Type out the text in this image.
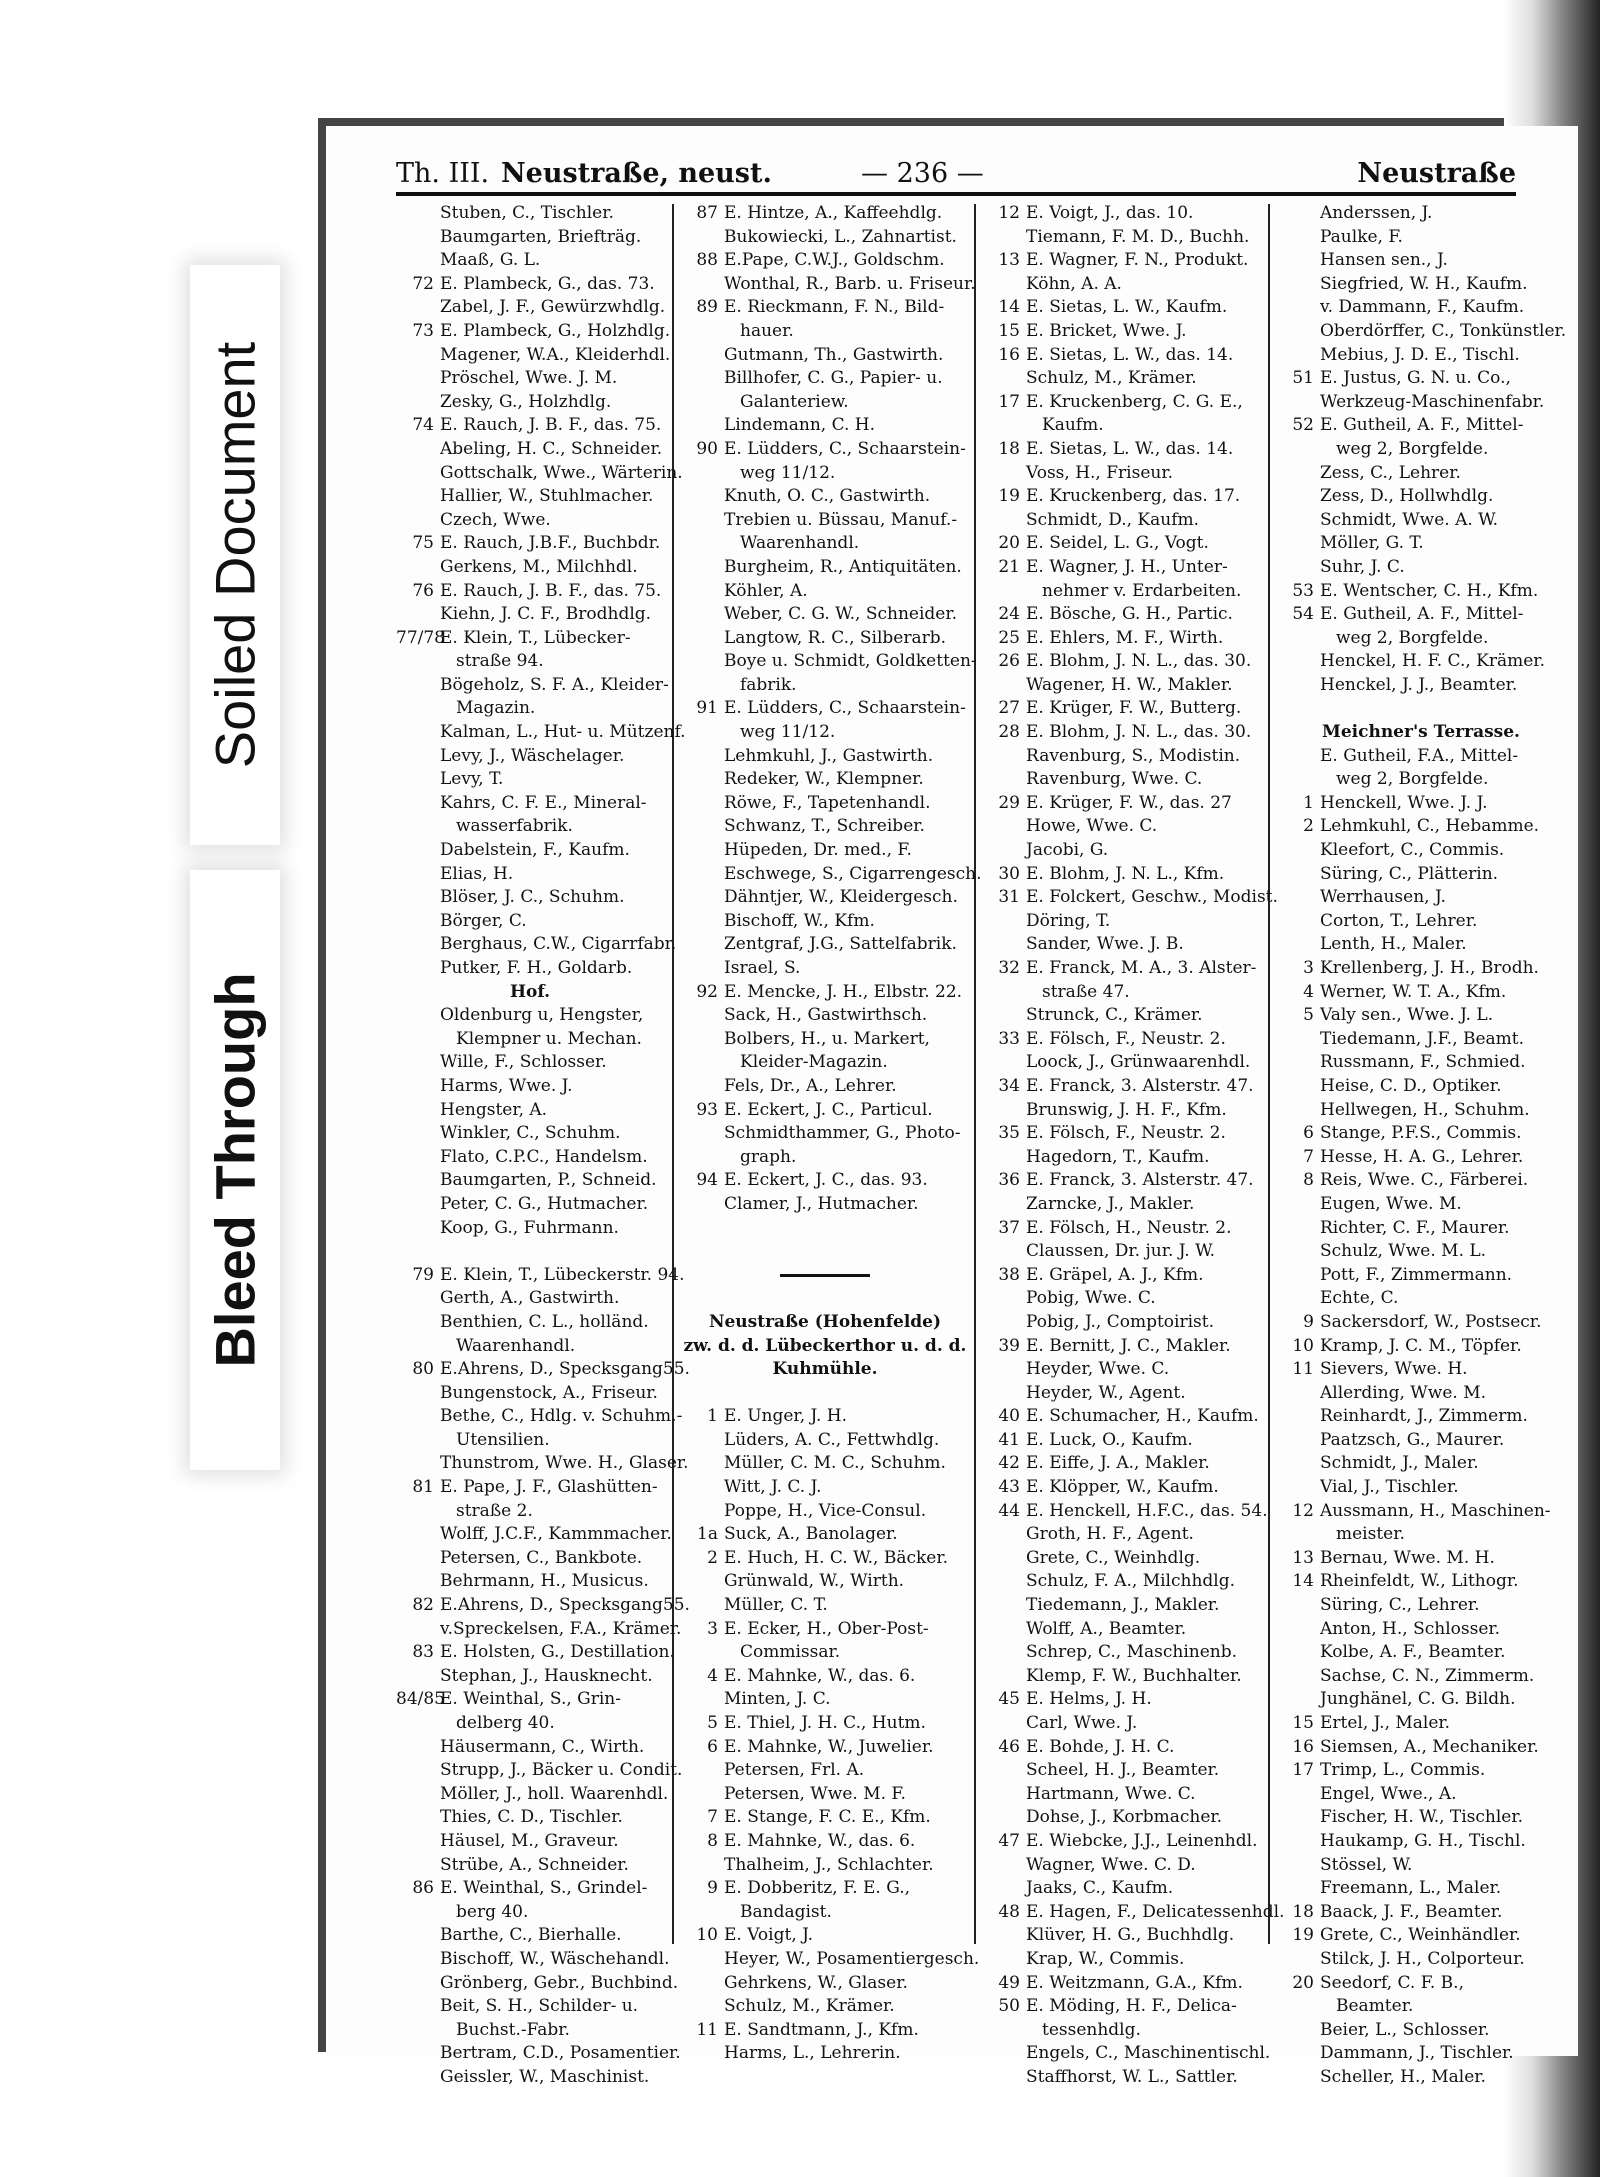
Soiled Document
Bleed Through
Th. III. Neustraße, neust.	— 236 —	Neustraße
Stuben, C., Tischler.
Baumgarten, Briefträg.
Maaß, G. L.
72 E. Plambeck, G., das. 73.
Zabel, J. F., Gewürzwhdlg.
73 E. Plambeck, G., Holzhdlg.
Magener, W.A., Kleiderhdl.
Pröschel, Wwe. J. M.
Zesky, G., Holzhdlg.
74 E. Rauch, J. B. F., das. 75.
Abeling, H. C., Schneider.
Gottschalk, Wwe., Wärterin.
Hallier, W., Stuhlmacher.
Czech, Wwe.
75 E. Rauch, J.B.F., Buchbdr.
Gerkens, M., Milchhdl.
76 E. Rauch, J. B. F., das. 75.
Kiehn, J. C. F., Brodhdlg.
77/78E. Klein, T., Lübecker-
straße 94.
Bögeholz, S. F. A., Kleider-
Magazin.
Kalman, L., Hut- u. Mützenf.
Levy, J., Wäschelager.
Levy, T.
Kahrs, C. F. E., Mineral-
wasserfabrik.
Dabelstein, F., Kaufm.
Elias, H.
Blöser, J. C., Schuhm.
Börger, C.
Berghaus, C.W., Cigarrfabr.
Putker, F. H., Goldarb.
Hof.
Oldenburg u, Hengster,
Klempner u. Mechan.
Wille, F., Schlosser.
Harms, Wwe. J.
Hengster, A.
Winkler, C., Schuhm.
Flato, C.P.C., Handelsm.
Baumgarten, P., Schneid.
Peter, C. G., Hutmacher.
Koop, G., Fuhrmann.
79 E. Klein, T., Lübeckerstr. 94.
Gerth, A., Gastwirth.
Benthien, C. L., holländ.
Waarenhandl.
80 E.Ahrens, D., Specksgang55.
Bungenstock, A., Friseur.
Bethe, C., Hdlg. v. Schuhm.-
Utensilien.
Thunstrom, Wwe. H., Glaser.
81 E. Pape, J. F., Glashütten-
straße 2.
Wolff, J.C.F., Kammmacher.
Petersen, C., Bankbote.
Behrmann, H., Musicus.
82 E.Ahrens, D., Specksgang55.
v.Spreckelsen, F.A., Krämer.
83 E. Holsten, G., Destillation.
Stephan, J., Hausknecht.
84/85E. Weinthal, S., Grin-
delberg 40.
Häusermann, C., Wirth.
Strupp, J., Bäcker u. Condit.
Möller, J., holl. Waarenhdl.
Thies, C. D., Tischler.
Häusel, M., Graveur.
Strübe, A., Schneider.
86 E. Weinthal, S., Grindel-
berg 40.
Barthe, C., Bierhalle.
Bischoff, W., Wäschehandl.
Grönberg, Gebr., Buchbind.
Beit, S. H., Schilder- u.
Buchst.-Fabr.
Bertram, C.D., Posamentier.
Geissler, W., Maschinist.
87 E. Hintze, A., Kaffeehdlg.
Bukowiecki, L., Zahnartist.
88 E.Pape, C.W.J., Goldschm.
Wonthal, R., Barb. u. Friseur.
89 E. Rieckmann, F. N., Bild-
hauer.
Gutmann, Th., Gastwirth.
Billhofer, C. G., Papier- u.
Galanteriew.
Lindemann, C. H.
90 E. Lüdders, C., Schaarstein-
weg 11/12.
Knuth, O. C., Gastwirth.
Trebien u. Büssau, Manuf.-
Waarenhandl.
Burgheim, R., Antiquitäten.
Köhler, A.
Weber, C. G. W., Schneider.
Langtow, R. C., Silberarb.
Boye u. Schmidt, Goldketten-
fabrik.
91 E. Lüdders, C., Schaarstein-
weg 11/12.
Lehmkuhl, J., Gastwirth.
Redeker, W., Klempner.
Röwe, F., Tapetenhandl.
Schwanz, T., Schreiber.
Hüpeden, Dr. med., F.
Eschwege, S., Cigarrengesch.
Dähntjer, W., Kleidergesch.
Bischoff, W., Kfm.
Zentgraf, J.G., Sattelfabrik.
Israel, S.
92 E. Mencke, J. H., Elbstr. 22.
Sack, H., Gastwirthsch.
Bolbers, H., u. Markert,
Kleider-Magazin.
Fels, Dr., A., Lehrer.
93 E. Eckert, J. C., Particul.
Schmidthammer, G., Photo-
graph.
94 E. Eckert, J. C., das. 93.
Clamer, J., Hutmacher.
Neustraße (Hohenfelde)
zw. d. d. Lübeckerthor u. d. d.
Kuhmühle.
1 E. Unger, J. H.
Lüders, A. C., Fettwhdlg.
Müller, C. M. C., Schuhm.
Witt, J. C. J.
Poppe, H., Vice-Consul.
1a Suck, A., Banolager.
2 E. Huch, H. C. W., Bäcker.
Grünwald, W., Wirth.
Müller, C. T.
3 E. Ecker, H., Ober-Post-
Commissar.
4 E. Mahnke, W., das. 6.
Minten, J. C.
5 E. Thiel, J. H. C., Hutm.
6 E. Mahnke, W., Juwelier.
Petersen, Frl. A.
Petersen, Wwe. M. F.
7 E. Stange, F. C. E., Kfm.
8 E. Mahnke, W., das. 6.
Thalheim, J., Schlachter.
9 E. Dobberitz, F. E. G.,
Bandagist.
10 E. Voigt, J.
Heyer, W., Posamentiergesch.
Gehrkens, W., Glaser.
Schulz, M., Krämer.
11 E. Sandtmann, J., Kfm.
Harms, L., Lehrerin.
12 E. Voigt, J., das. 10.
Tiemann, F. M. D., Buchh.
13 E. Wagner, F. N., Produkt.
Köhn, A. A.
14 E. Sietas, L. W., Kaufm.
15 E. Bricket, Wwe. J.
16 E. Sietas, L. W., das. 14.
Schulz, M., Krämer.
17 E. Kruckenberg, C. G. E.,
Kaufm.
18 E. Sietas, L. W., das. 14.
Voss, H., Friseur.
19 E. Kruckenberg, das. 17.
Schmidt, D., Kaufm.
20 E. Seidel, L. G., Vogt.
21 E. Wagner, J. H., Unter-
nehmer v. Erdarbeiten.
24 E. Bösche, G. H., Partic.
25 E. Ehlers, M. F., Wirth.
26 E. Blohm, J. N. L., das. 30.
Wagener, H. W., Makler.
27 E. Krüger, F. W., Butterg.
28 E. Blohm, J. N. L., das. 30.
Ravenburg, S., Modistin.
Ravenburg, Wwe. C.
29 E. Krüger, F. W., das. 27
Howe, Wwe. C.
Jacobi, G.
30 E. Blohm, J. N. L., Kfm.
31 E. Folckert, Geschw., Modist.
Döring, T.
Sander, Wwe. J. B.
32 E. Franck, M. A., 3. Alster-
straße 47.
Strunck, C., Krämer.
33 E. Fölsch, F., Neustr. 2.
Loock, J., Grünwaarenhdl.
34 E. Franck, 3. Alsterstr. 47.
Brunswig, J. H. F., Kfm.
35 E. Fölsch, F., Neustr. 2.
Hagedorn, T., Kaufm.
36 E. Franck, 3. Alsterstr. 47.
Zarncke, J., Makler.
37 E. Fölsch, H., Neustr. 2.
Claussen, Dr. jur. J. W.
38 E. Gräpel, A. J., Kfm.
Pobig, Wwe. C.
Pobig, J., Comptoirist.
39 E. Bernitt, J. C., Makler.
Heyder, Wwe. C.
Heyder, W., Agent.
40 E. Schumacher, H., Kaufm.
41 E. Luck, O., Kaufm.
42 E. Eiffe, J. A., Makler.
43 E. Klöpper, W., Kaufm.
44 E. Henckell, H.F.C., das. 54.
Groth, H. F., Agent.
Grete, C., Weinhdlg.
Schulz, F. A., Milchhdlg.
Tiedemann, J., Makler.
Wolff, A., Beamter.
Schrep, C., Maschinenb.
Klemp, F. W., Buchhalter.
45 E. Helms, J. H.
Carl, Wwe. J.
46 E. Bohde, J. H. C.
Scheel, H. J., Beamter.
Hartmann, Wwe. C.
Dohse, J., Korbmacher.
47 E. Wiebcke, J.J., Leinenhdl.
Wagner, Wwe. C. D.
Jaaks, C., Kaufm.
48 E. Hagen, F., Delicatessenhdl.
Klüver, H. G., Buchhdlg.
Krap, W., Commis.
49 E. Weitzmann, G.A., Kfm.
50 E. Möding, H. F., Delica-
tessenhdlg.
Engels, C., Maschinentischl.
Staffhorst, W. L., Sattler.
Anderssen, J.
Paulke, F.
Hansen sen., J.
Siegfried, W. H., Kaufm.
v. Dammann, F., Kaufm.
Oberdörffer, C., Tonkünstler.
Mebius, J. D. E., Tischl.
51 E. Justus, G. N. u. Co.,
Werkzeug-Maschinenfabr.
52 E. Gutheil, A. F., Mittel-
weg 2, Borgfelde.
Zess, C., Lehrer.
Zess, D., Hollwhdlg.
Schmidt, Wwe. A. W.
Möller, G. T.
Suhr, J. C.
53 E. Wentscher, C. H., Kfm.
54 E. Gutheil, A. F., Mittel-
weg 2, Borgfelde.
Henckel, H. F. C., Krämer.
Henckel, J. J., Beamter.
Meichner's Terrasse.
E. Gutheil, F.A., Mittel-
weg 2, Borgfelde.
1 Henckell, Wwe. J. J.
2 Lehmkuhl, C., Hebamme.
Kleefort, C., Commis.
Süring, C., Plätterin.
Werrhausen, J.
Corton, T., Lehrer.
Lenth, H., Maler.
3 Krellenberg, J. H., Brodh.
4 Werner, W. T. A., Kfm.
5 Valy sen., Wwe. J. L.
Tiedemann, J.F., Beamt.
Russmann, F., Schmied.
Heise, C. D., Optiker.
Hellwegen, H., Schuhm.
6 Stange, P.F.S., Commis.
7 Hesse, H. A. G., Lehrer.
8 Reis, Wwe. C., Färberei.
Eugen, Wwe. M.
Richter, C. F., Maurer.
Schulz, Wwe. M. L.
Pott, F., Zimmermann.
Echte, C.
9 Sackersdorf, W., Postsecr.
10 Kramp, J. C. M., Töpfer.
11 Sievers, Wwe. H.
Allerding, Wwe. M.
Reinhardt, J., Zimmerm.
Paatzsch, G., Maurer.
Schmidt, J., Maler.
Vial, J., Tischler.
12 Aussmann, H., Maschinen-
meister.
13 Bernau, Wwe. M. H.
14 Rheinfeldt, W., Lithogr.
Süring, C., Lehrer.
Anton, H., Schlosser.
Kolbe, A. F., Beamter.
Sachse, C. N., Zimmerm.
Junghänel, C. G. Bildh.
15 Ertel, J., Maler.
16 Siemsen, A., Mechaniker.
17 Trimp, L., Commis.
Engel, Wwe., A.
Fischer, H. W., Tischler.
Haukamp, G. H., Tischl.
Stössel, W.
Freemann, L., Maler.
18 Baack, J. F., Beamter.
19 Grete, C., Weinhändler.
Stilck, J. H., Colporteur.
20 Seedorf, C. F. B.,
Beamter.
Beier, L., Schlosser.
Dammann, J., Tischler.
Scheller, H., Maler.
